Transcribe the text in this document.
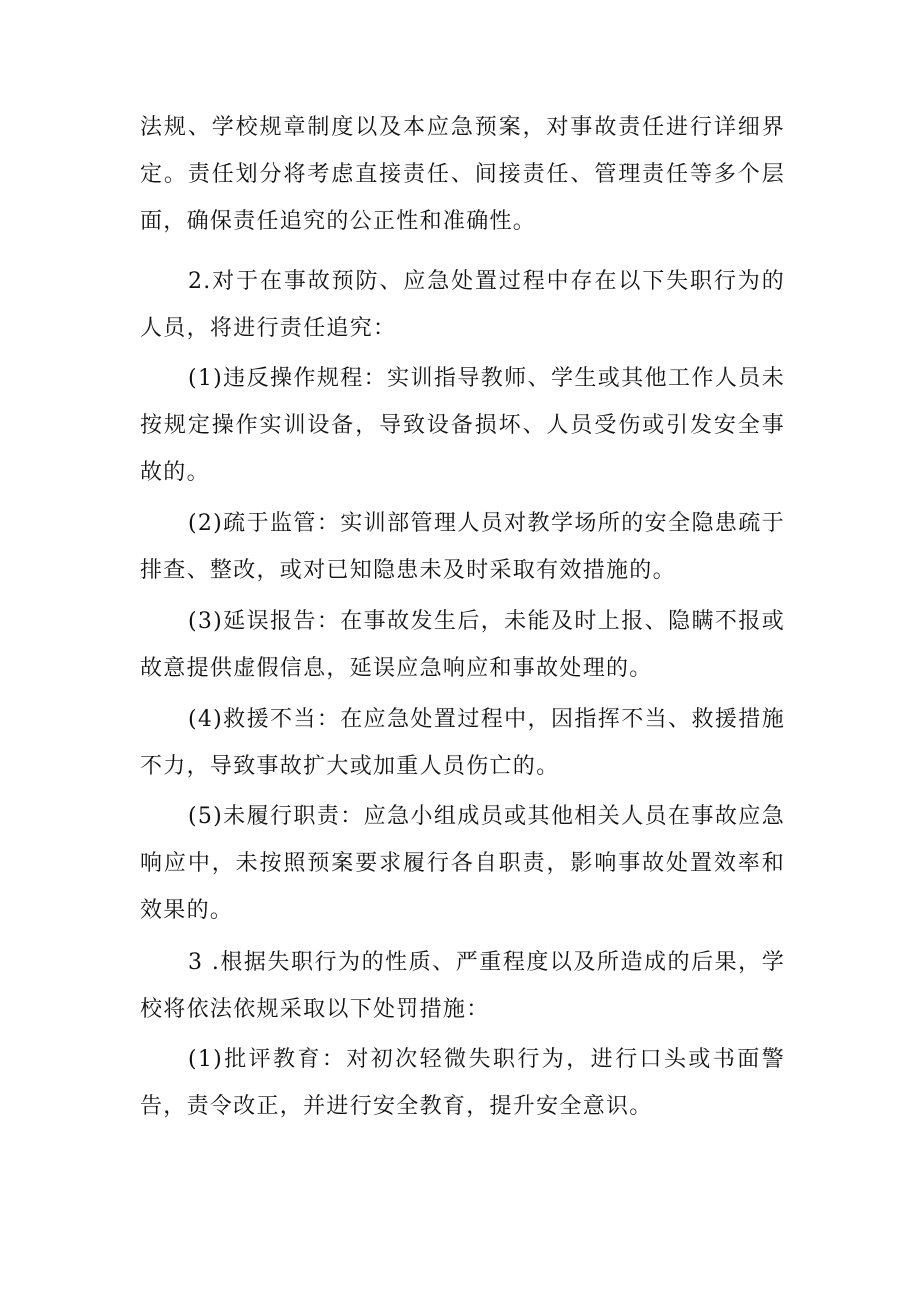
法规、学校规章制度以及本应急预案，对事故责任进行详细界定。责任划分将考虑直接责任、间接责任、管理责任等多个层面，确保责任追究的公正性和准确性。

2.对于在事故预防、应急处置过程中存在以下失职行为的人员，将进行责任追究：

(1)违反操作规程：实训指导教师、学生或其他工作人员未按规定操作实训设备，导致设备损坏、人员受伤或引发安全事故的。

(2)疏于监管：实训部管理人员对教学场所的安全隐患疏于排查、整改，或对已知隐患未及时采取有效措施的。

(3)延误报告：在事故发生后，未能及时上报、隐瞒不报或故意提供虚假信息，延误应急响应和事故处理的。

(4)救援不当：在应急处置过程中，因指挥不当、救援措施不力，导致事故扩大或加重人员伤亡的。

(5)未履行职责：应急小组成员或其他相关人员在事故应急响应中，未按照预案要求履行各自职责，影响事故处置效率和效果的。

3 .根据失职行为的性质、严重程度以及所造成的后果，学校将依法依规采取以下处罚措施：

(1)批评教育：对初次轻微失职行为，进行口头或书面警告，责令改正，并进行安全教育，提升安全意识。
